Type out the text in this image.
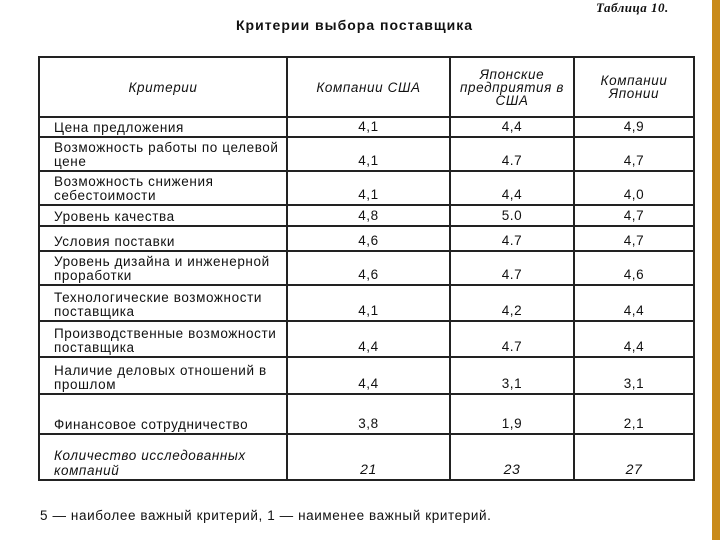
Таблица 10.
Критерии выбора поставщика
Критерии	Компании США	Японские предприятия в США	Компании Японии
Цена предложения	4,1	4,4	4,9
Возможность работы по целевой цене	4,1	4.7	4,7
Возможность снижения себестоимости	4,1	4,4	4,0
Уровень качества	4,8	5.0	4,7
Условия поставки	4,6	4.7	4,7
Уровень дизайна и инженерной проработки	4,6	4.7	4,6
Технологические возможности поставщика	4,1	4,2	4,4
Производственные возможности поставщика	4,4	4.7	4,4
Наличие деловых отношений в прошлом	4,4	3,1	3,1
Финансовое сотрудничество	3,8	1,9	2,1
Количество исследованных компаний	21	23	27
5 — наиболее важный критерий, 1 — наименее важный критерий.
